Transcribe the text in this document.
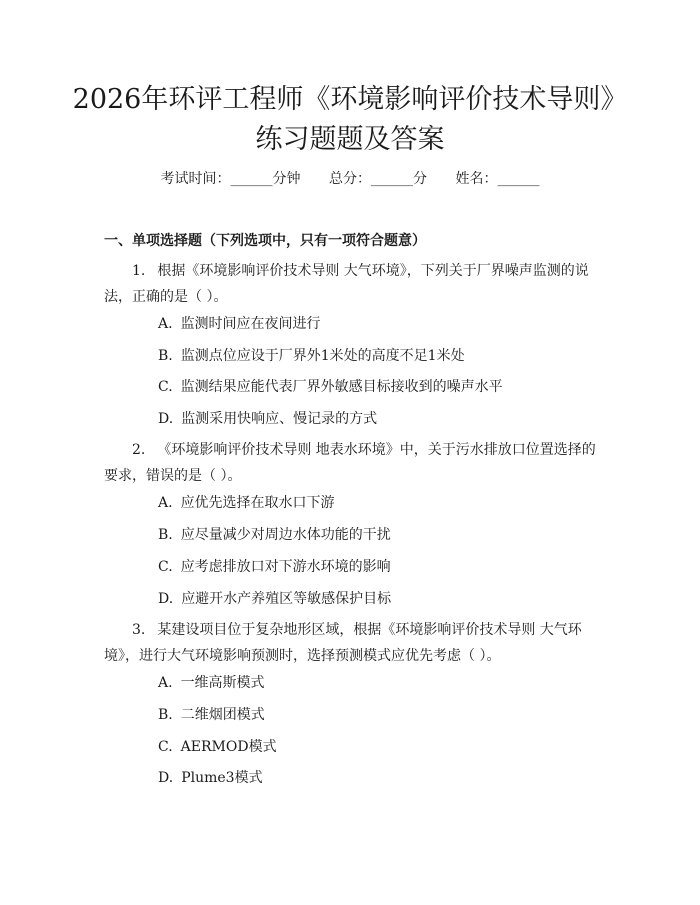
2026年环评工程师《环境影响评价技术导则》练习题题及答案
考试时间：______分钟 总分：______分 姓名：______
一、单项选择题（下列选项中，只有一项符合题意）
1. 根据《环境影响评价技术导则 大气环境》，下列关于厂界噪声监测的说法，正确的是（ ）。
A. 监测时间应在夜间进行
B. 监测点位应设于厂界外1米处的高度不足1米处
C. 监测结果应能代表厂界外敏感目标接收到的噪声水平
D. 监测采用快响应、慢记录的方式
2. 《环境影响评价技术导则 地表水环境》中，关于污水排放口位置选择的要求，错误的是（ ）。
A. 应优先选择在取水口下游
B. 应尽量减少对周边水体功能的干扰
C. 应考虑排放口对下游水环境的影响
D. 应避开水产养殖区等敏感保护目标
3. 某建设项目位于复杂地形区域，根据《环境影响评价技术导则 大气环境》，进行大气环境影响预测时，选择预测模式应优先考虑（ ）。
A. 一维高斯模式
B. 二维烟团模式
C. AERMOD模式
D. Plume3模式
